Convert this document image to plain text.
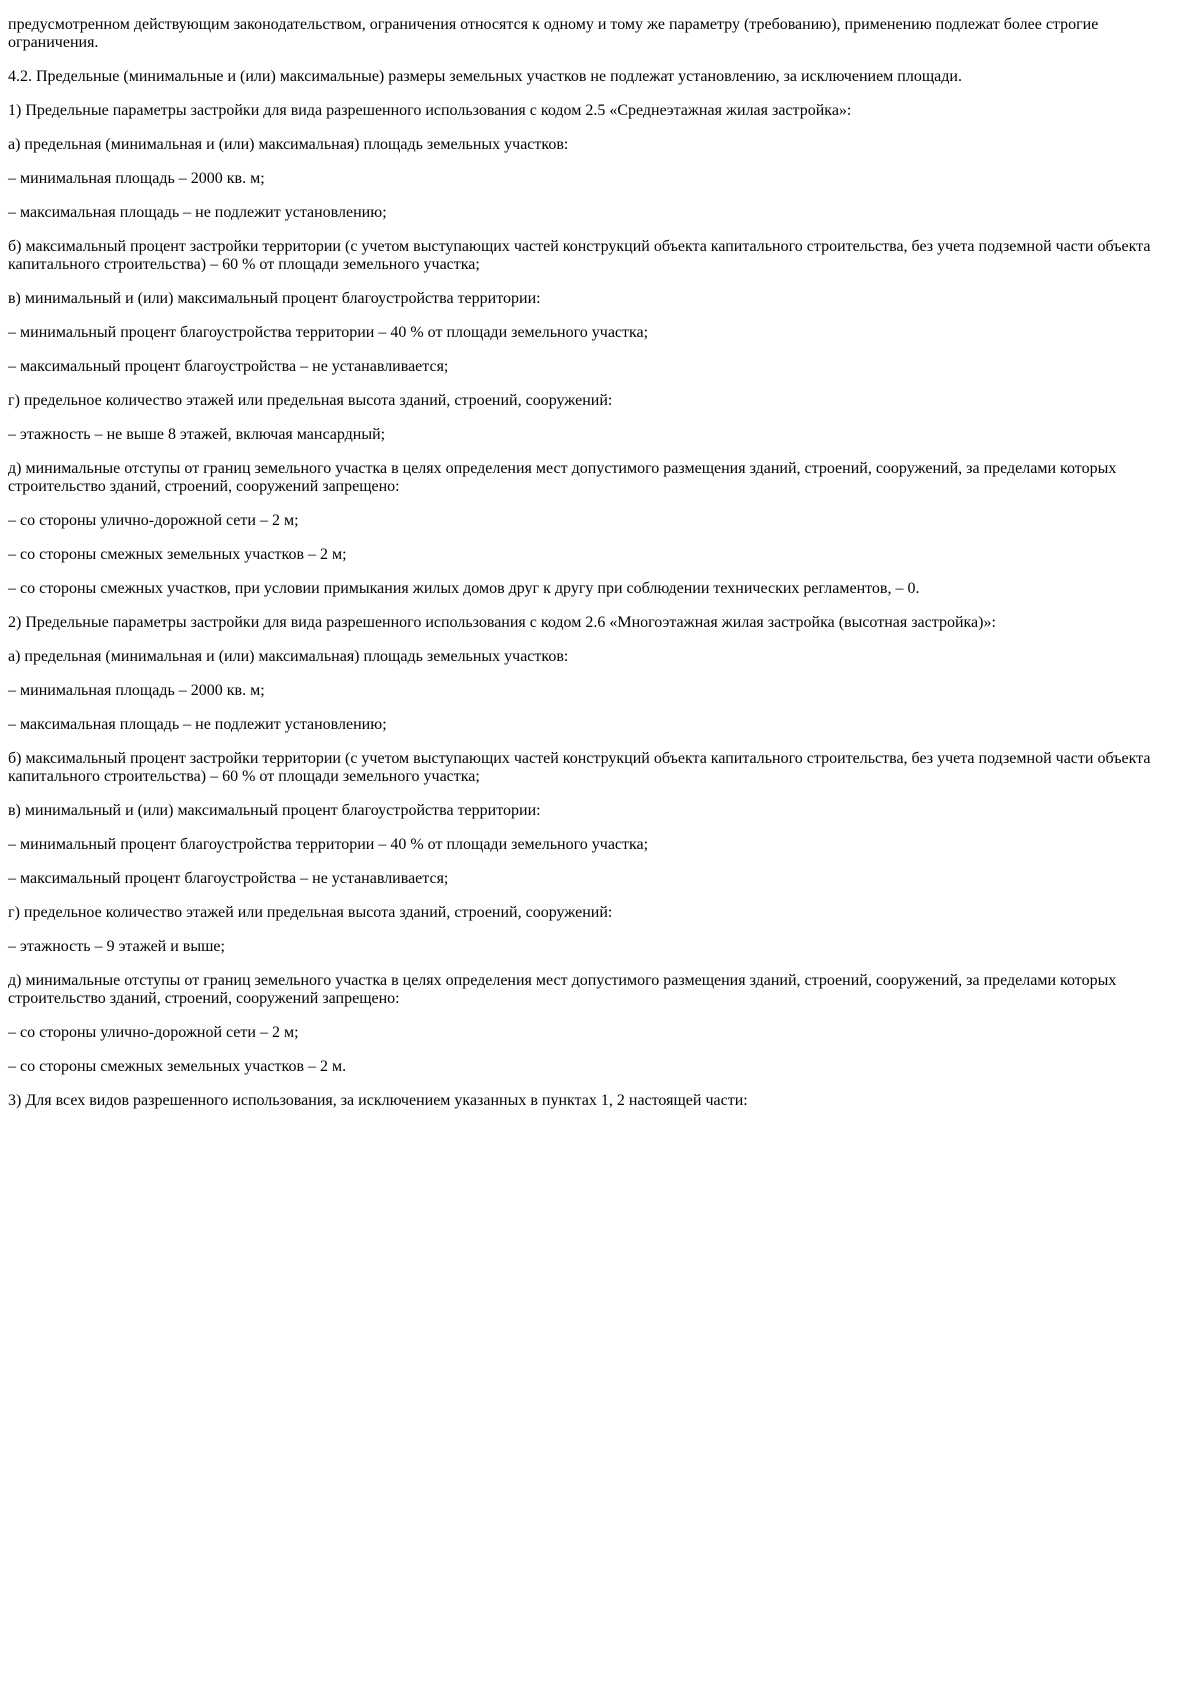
предусмотренном действующим законодательством, ограничения относятся к одному и тому же параметру (требованию), применению подлежат более строгие ограничения.

4.2. Предельные (минимальные и (или) максимальные) размеры земельных участков не подлежат установлению, за исключением площади.

1) Предельные параметры застройки для вида разрешенного использования с кодом 2.5 «Среднеэтажная жилая застройка»:

а) предельная (минимальная и (или) максимальная) площадь земельных участков:

– минимальная площадь – 2000 кв. м;

– максимальная площадь – не подлежит установлению;

б) максимальный процент застройки территории (с учетом выступающих частей конструкций объекта капитального строительства, без учета подземной части объекта капитального строительства) – 60 % от площади земельного участка;

в) минимальный и (или) максимальный процент благоустройства территории:

– минимальный процент благоустройства территории – 40 % от площади земельного участка;

– максимальный процент благоустройства – не устанавливается;

г) предельное количество этажей или предельная высота зданий, строений, сооружений:

– этажность – не выше 8 этажей, включая мансардный;

д) минимальные отступы от границ земельного участка в целях определения мест допустимого размещения зданий, строений, сооружений, за пределами которых строительство зданий, строений, сооружений запрещено:

– со стороны улично-дорожной сети – 2 м;

– со стороны смежных земельных участков – 2 м;

– со стороны смежных участков, при условии примыкания жилых домов друг к другу при соблюдении технических регламентов, – 0.

2) Предельные параметры застройки для вида разрешенного использования с кодом 2.6 «Многоэтажная жилая застройка (высотная застройка)»:

а) предельная (минимальная и (или) максимальная) площадь земельных участков:

– минимальная площадь – 2000 кв. м;

– максимальная площадь – не подлежит установлению;

б) максимальный процент застройки территории (с учетом выступающих частей конструкций объекта капитального строительства, без учета подземной части объекта капитального строительства) – 60 % от площади земельного участка;

в) минимальный и (или) максимальный процент благоустройства территории:

– минимальный процент благоустройства территории – 40 % от площади земельного участка;

– максимальный процент благоустройства – не устанавливается;

г) предельное количество этажей или предельная высота зданий, строений, сооружений:

– этажность – 9 этажей и выше;

д) минимальные отступы от границ земельного участка в целях определения мест допустимого размещения зданий, строений, сооружений, за пределами которых строительство зданий, строений, сооружений запрещено:

– со стороны улично-дорожной сети – 2 м;

– со стороны смежных земельных участков – 2 м.

3) Для всех видов разрешенного использования, за исключением указанных в пунктах 1, 2 настоящей части:
